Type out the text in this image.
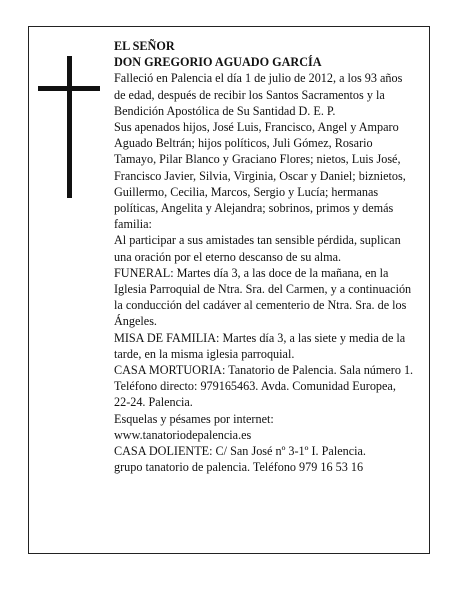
EL SEÑOR

DON GREGORIO AGUADO GARCÍA

Falleció en Palencia el día 1 de julio de 2012, a los 93 años de edad, después de recibir los Santos Sacramentos y la Bendición Apostólica de Su Santidad D. E. P.

Sus apenados hijos, José Luis, Francisco, Angel y Amparo Aguado Beltrán; hijos políticos, Juli Gómez, Rosario Tamayo, Pilar Blanco y Graciano Flores; nietos, Luis José, Francisco Javier, Silvia, Virginia, Oscar y Daniel; biznietos, Guillermo, Cecilia, Marcos, Sergio y Lucía; hermanas políticas, Angelita y Alejandra; sobrinos, primos y demás familia:

Al participar a sus amistades tan sensible pérdida, suplican una oración por el eterno descanso de su alma.

FUNERAL: Martes día 3, a las doce de la mañana, en la Iglesia Parroquial de Ntra. Sra. del Carmen, y a continuación la conducción del cadáver al cementerio de Ntra. Sra. de los Ángeles.

MISA DE FAMILIA: Martes día 3, a las siete y media de la tarde, en la misma iglesia parroquial.

CASA MORTUORIA: Tanatorio de Palencia. Sala número 1. Teléfono directo: 979165463. Avda. Comunidad Europea, 22-24. Palencia.

Esquelas y pésames por internet:

www.tanatoriodepalencia.es

CASA DOLIENTE: C/ San José nº 3-1º I. Palencia.

grupo tanatorio de palencia. Teléfono 979 16 53 16
